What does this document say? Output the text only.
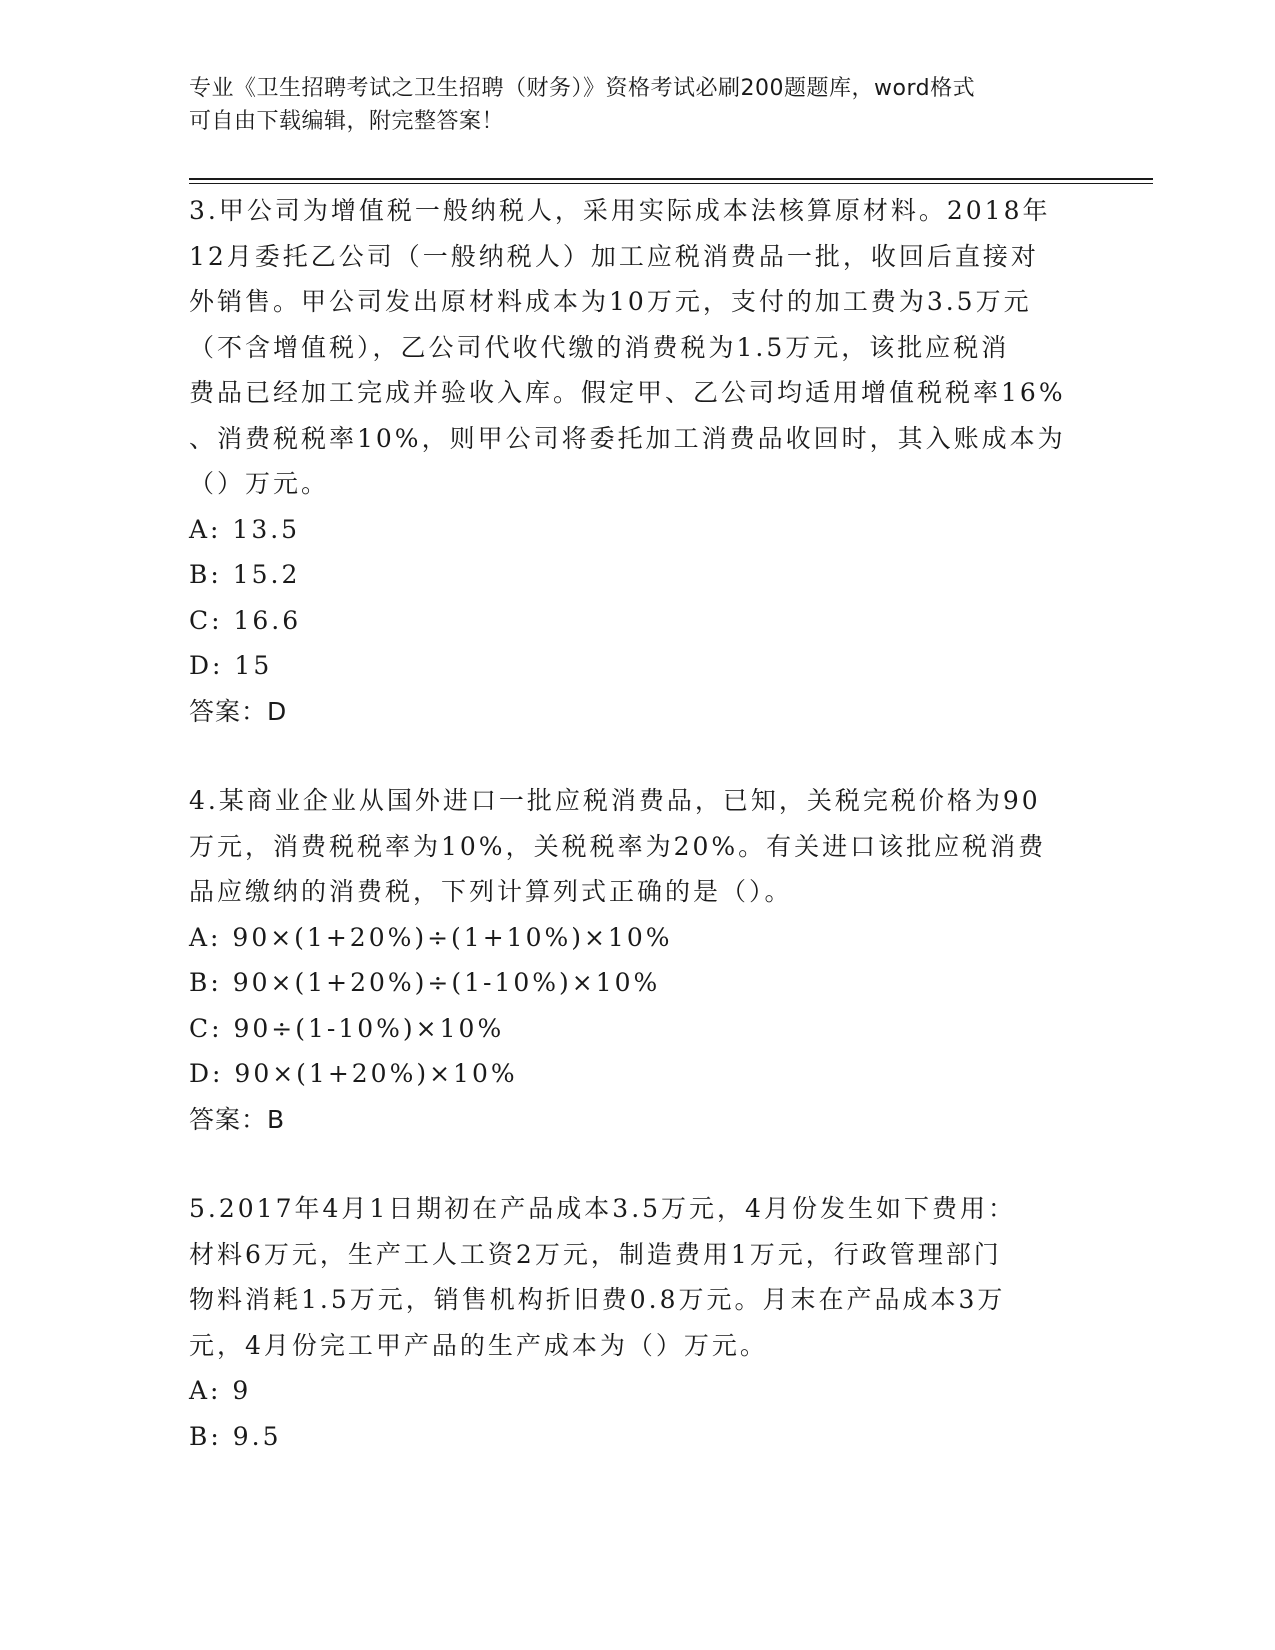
专业《卫生招聘考试之卫生招聘（财务）》资格考试必刷200题题库，word格式
可自由下载编辑，附完整答案！

3.甲公司为增值税一般纳税人，采用实际成本法核算原材料。2018年

12月委托乙公司（一般纳税人）加工应税消费品一批，收回后直接对

外销售。甲公司发出原材料成本为10万元，支付的加工费为3.5万元

（不含增值税），乙公司代收代缴的消费税为1.5万元，该批应税消

费品已经加工完成并验收入库。假定甲、乙公司均适用增值税税率16%

、消费税税率10%，则甲公司将委托加工消费品收回时，其入账成本为

（）万元。

A: 13.5

B: 15.2

C: 16.6

D: 15

答案：D

4.某商业企业从国外进口一批应税消费品，已知，关税完税价格为90

万元，消费税税率为10%，关税税率为20%。有关进口该批应税消费

品应缴纳的消费税，下列计算列式正确的是（）。

A: 90×(1+20%)÷(1+10%)×10%

B: 90×(1+20%)÷(1-10%)×10%

C: 90÷(1-10%)×10%

D: 90×(1+20%)×10%

答案：B

5.2017年4月1日期初在产品成本3.5万元，4月份发生如下费用：

材料6万元，生产工人工资2万元，制造费用1万元，行政管理部门

物料消耗1.5万元，销售机构折旧费0.8万元。月末在产品成本3万

元，4月份完工甲产品的生产成本为（）万元。

A: 9

B: 9.5
